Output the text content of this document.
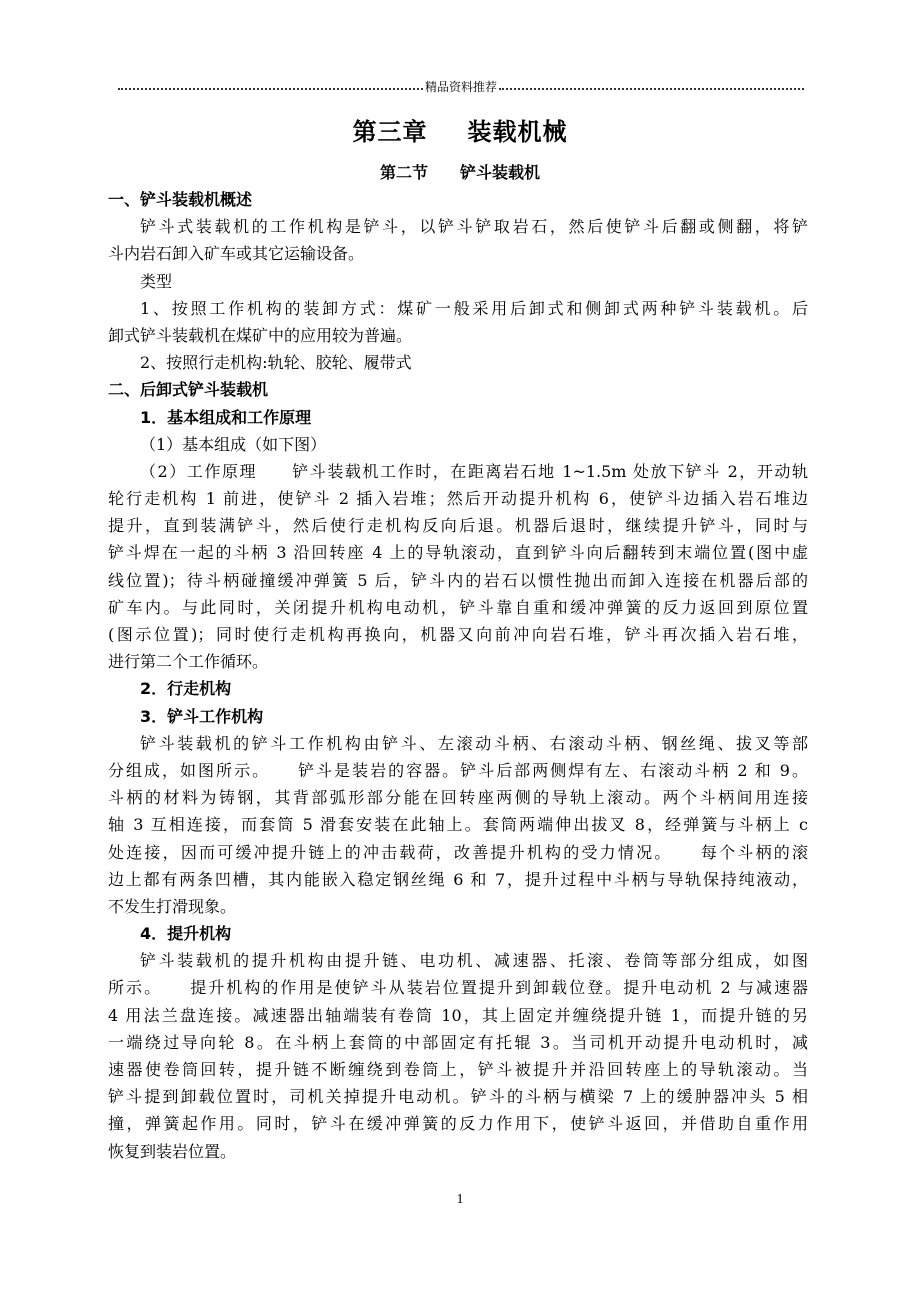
精品资料推荐
第三章 装载机械
第二节 铲斗装载机
一、铲斗装载机概述
铲斗式装载机的工作机构是铲斗，以铲斗铲取岩石，然后使铲斗后翻或侧翻，将铲
斗内岩石卸入矿车或其它运输设备。
类型
1、按照工作机构的装卸方式：煤矿一般采用后卸式和侧卸式两种铲斗装载机。后
卸式铲斗装载机在煤矿中的应用较为普遍。
2、按照行走机构:轨轮、胶轮、履带式
二、后卸式铲斗装载机
1．基本组成和工作原理
（1）基本组成（如下图）
（2）工作原理　　铲斗装载机工作时，在距离岩石地 1~1.5m 处放下铲斗 2，开动轨
轮行走机构 1 前进，使铲斗 2 插入岩堆；然后开动提升机构 6，使铲斗边插入岩石堆边
提升，直到装满铲斗，然后使行走机构反向后退。机器后退时，继续提升铲斗，同时与
铲斗焊在一起的斗柄 3 沿回转座 4 上的导轨滚动，直到铲斗向后翻转到末端位置(图中虚
线位置)；待斗柄碰撞缓冲弹簧 5 后，铲斗内的岩石以惯性抛出而卸入连接在机器后部的
矿车内。与此同时，关闭提升机构电动机，铲斗靠自重和缓冲弹簧的反力返回到原位置
(图示位置)；同时使行走机构再换向，机器又向前冲向岩石堆，铲斗再次插入岩石堆，
进行第二个工作循环。
2．行走机构
3．铲斗工作机构
铲斗装载机的铲斗工作机构由铲斗、左滚动斗柄、右滚动斗柄、钢丝绳、拔叉等部
分组成，如图所示。　　铲斗是装岩的容器。铲斗后部两侧焊有左、右滚动斗柄 2 和 9。
斗柄的材料为铸钢，其背部弧形部分能在回转座两侧的导轨上滚动。两个斗柄间用连接
轴 3 互相连接，而套筒 5 滑套安装在此轴上。套筒两端伸出拔叉 8，经弹簧与斗柄上 c
处连接，因而可缓冲提升链上的冲击载荷，改善提升机构的受力情况。　　每个斗柄的滚
边上都有两条凹槽，其内能嵌入稳定钢丝绳 6 和 7，提升过程中斗柄与导轨保持纯液动，
不发生打滑现象。
4．提升机构
铲斗装载机的提升机构由提升链、电功机、减速器、托滚、卷筒等部分组成，如图
所示。　　提升机构的作用是使铲斗从装岩位置提升到卸载位登。提升电动机 2 与减速器
4 用法兰盘连接。减速器出轴端装有卷筒 10，其上固定并缠绕提升链 1，而提升链的另
一端绕过导向轮 8。在斗柄上套筒的中部固定有托辊 3。当司机开动提升电动机时，减
速器使卷筒回转，提升链不断缠绕到卷筒上，铲斗被提升并沿回转座上的导轨滚动。当
铲斗提到卸载位置时，司机关掉提升电动机。铲斗的斗柄与横梁 7 上的缓肿器冲头 5 相
撞，弹簧起作用。同时，铲斗在缓冲弹簧的反力作用下，使铲斗返回，并借助自重作用
恢复到装岩位置。
1
